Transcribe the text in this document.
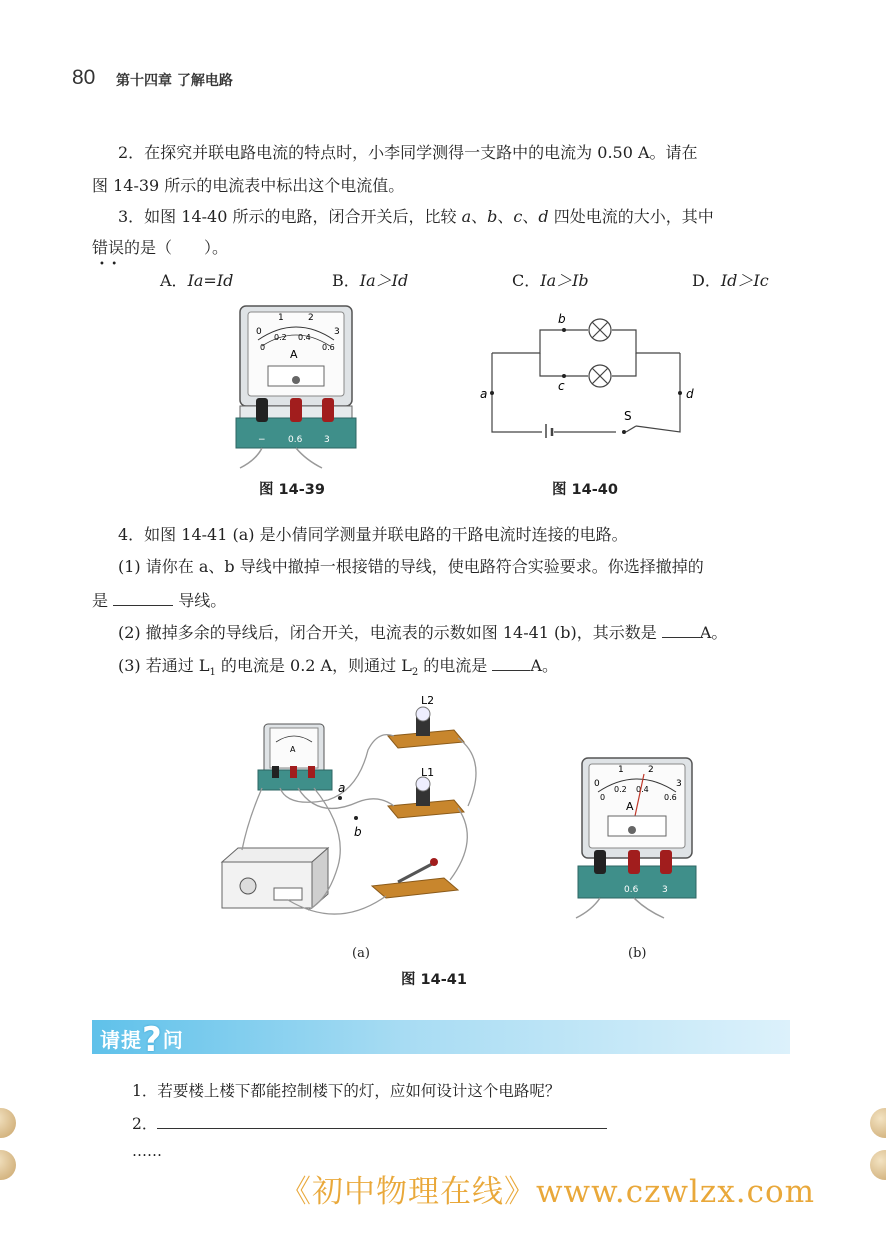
80 第十四章 了解电路
2．在探究并联电路电流的特点时，小李同学测得一支路中的电流为 0.50 A。请在
图 14-39 所示的电流表中标出这个电流值。
3．如图 14-40 所示的电路，闭合开关后，比较 a、b、c、d 四处电流的大小，其中
错误的是（　　）。
•  •
A．Ia=Id	B．Ia＞Id	C．Ia＞Ib	D．Id＞Ic
0
1	2
3
0
0.2 0.4
0.6
A
− 0.6 3
图 14-39
a
b
c
d
S
图 14-40
4．如图 14-41 (a) 是小倩同学测量并联电路的干路电流时连接的电路。
(1) 请你在 a、b 导线中撤掉一根接错的导线，使电路符合实验要求。你选择撤掉的
是	导线。
(2) 撤掉多余的导线后，闭合开关，电流表的示数如图 14-41 (b)，其示数是	A。
(3) 若通过 $L_1$ 的电流是 0.2 A，则通过 $L_2$ 的电流是	A。
A
L2
L1
a
b
0
1	2
3
0
0.2 0.4
0.6
A
0.6	3
(a)	(b)
图 14-41
请提?问
1．若要楼上楼下都能控制楼下的灯，应如何设计这个电路呢？
2．
……
《初中物理在线》www.czwlzx.com
